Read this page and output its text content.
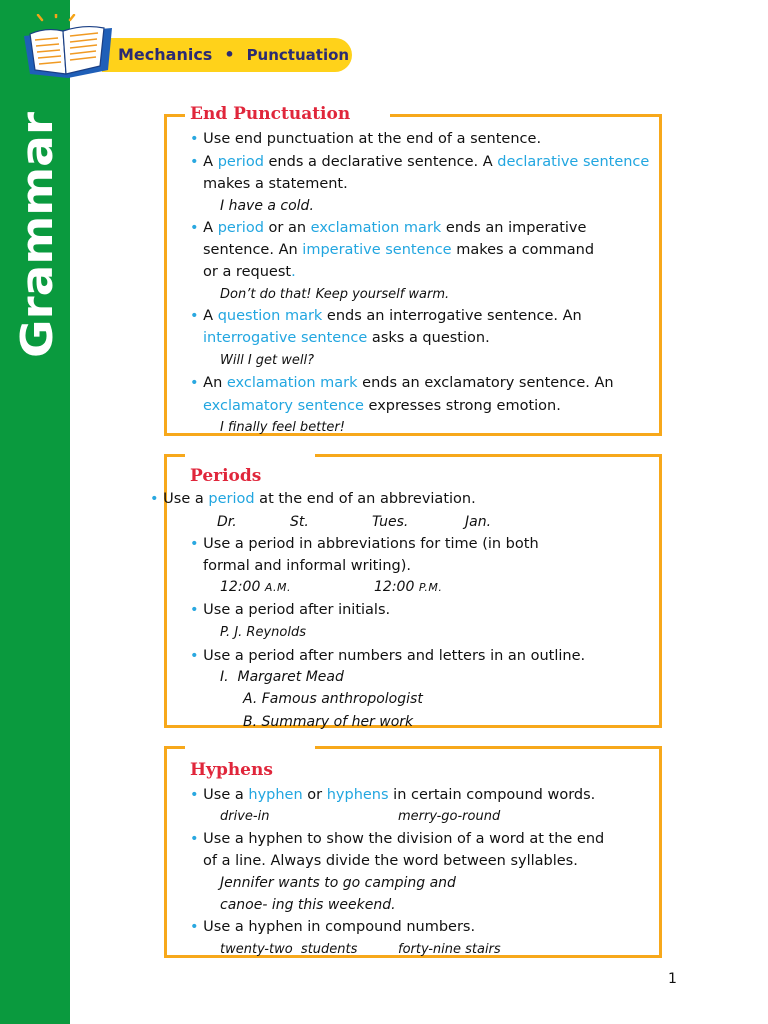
Grammar
Mechanics • Punctuation
End Punctuation
• Use end punctuation at the end of a sentence.
• A period ends a declarative sentence. A declarative sentence
makes a statement.
I have a cold.
• A period or an exclamation mark ends an imperative
sentence. An imperative sentence makes a command
or a request.
Don’t do that! Keep yourself warm.
• A question mark ends an interrogative sentence. An
interrogative sentence asks a question.
Will I get well?
• An exclamation mark ends an exclamatory sentence. An
exclamatory sentence expresses strong emotion.
I finally feel better!
Periods
• Use a period at the end of an abbreviation.
Dr.	St.	Tues.	Jan.
• Use a period in abbreviations for time (in both
formal and informal writing).
12:00 A.M.	12:00 P.M.
• Use a period after initials.
P. J. Reynolds
• Use a period after numbers and letters in an outline.
I. Margaret Mead
A. Famous anthropologist
B. Summary of her work
Hyphens
• Use a hyphen or hyphens in certain compound words.
drive-in	merry-go-round
• Use a hyphen to show the division of a word at the end
of a line. Always divide the word between syllables.
Jennifer wants to go camping and
canoe- ing this weekend.
• Use a hyphen in compound numbers.
twenty-two  students	forty-nine stairs
1
